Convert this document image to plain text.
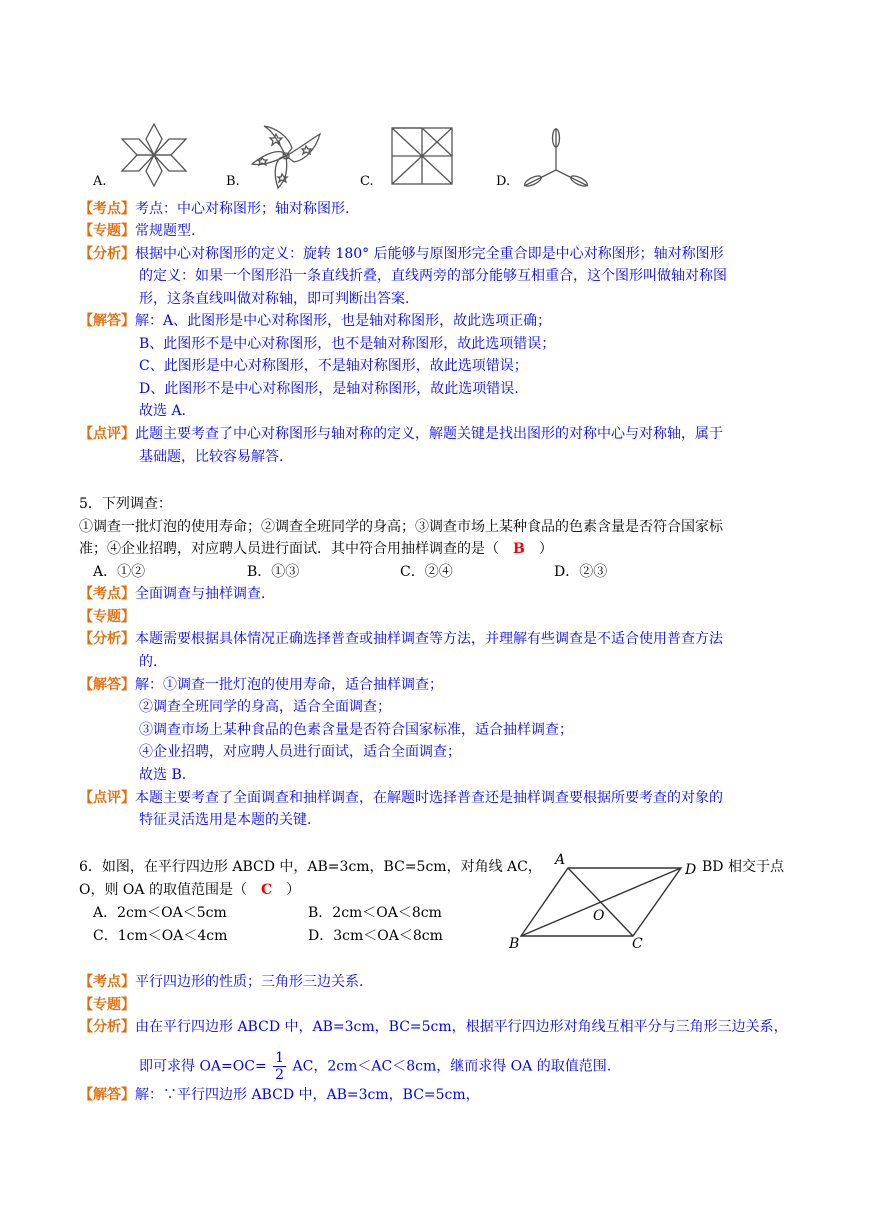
A.	B.	C.	D.
【考点】考点：中心对称图形；轴对称图形.
【专题】常规题型.
【分析】根据中心对称图形的定义：旋转 180° 后能够与原图形完全重合即是中心对称图形；轴对称图形
的定义：如果一个图形沿一条直线折叠，直线两旁的部分能够互相重合，这个图形叫做轴对称图
形，这条直线叫做对称轴，即可判断出答案.
【解答】解：A、此图形是中心对称图形，也是轴对称图形，故此选项正确；
B、此图形不是中心对称图形，也不是轴对称图形，故此选项错误；
C、此图形是中心对称图形，不是轴对称图形，故此选项错误；
D、此图形不是中心对称图形，是轴对称图形，故此选项错误.
故选 A.
【点评】此题主要考查了中心对称图形与轴对称的定义，解题关键是找出图形的对称中心与对称轴，属于
基础题，比较容易解答.
5．下列调查：
①调查一批灯泡的使用寿命；②调查全班同学的身高；③调查市场上某种食品的色素含量是否符合国家标
准；④企业招聘，对应聘人员进行面试．其中符合用抽样调查的是（ B ）
A．①②	B．①③	C．②④	D．②③
【考点】全面调查与抽样调查.
【专题】
【分析】本题需要根据具体情况正确选择普查或抽样调查等方法，并理解有些调查是不适合使用普查方法
的.
【解答】解：①调查一批灯泡的使用寿命，适合抽样调查；
②调查全班同学的身高，适合全面调查；
③调查市场上某种食品的色素含量是否符合国家标准，适合抽样调查；
④企业招聘，对应聘人员进行面试，适合全面调查；
故选 B.
【点评】本题主要考查了全面调查和抽样调查，在解题时选择普查还是抽样调查要根据所要考查的对象的
特征灵活选用是本题的关键.
6．如图，在平行四边形 ABCD 中，AB=3cm，BC=5cm，对角线 AC，	BD 相交于点
O，则 OA 的取值范围是（ C ）
A．2cm＜OA＜5cm	B．2cm＜OA＜8cm
C．1cm＜OA＜4cm	D．3cm＜OA＜8cm
A
D
B	C
O
【考点】平行四边形的性质；三角形三边关系.
【专题】
【分析】由在平行四边形 ABCD 中，AB=3cm，BC=5cm，根据平行四边形对角线互相平分与三角形三边关系，
即可求得 $OA=OC= \frac{1}{2}$ AC，2cm＜AC＜8cm，继而求得 OA 的取值范围.
【解答】解：∵平行四边形 ABCD 中，AB=3cm，BC=5cm，
